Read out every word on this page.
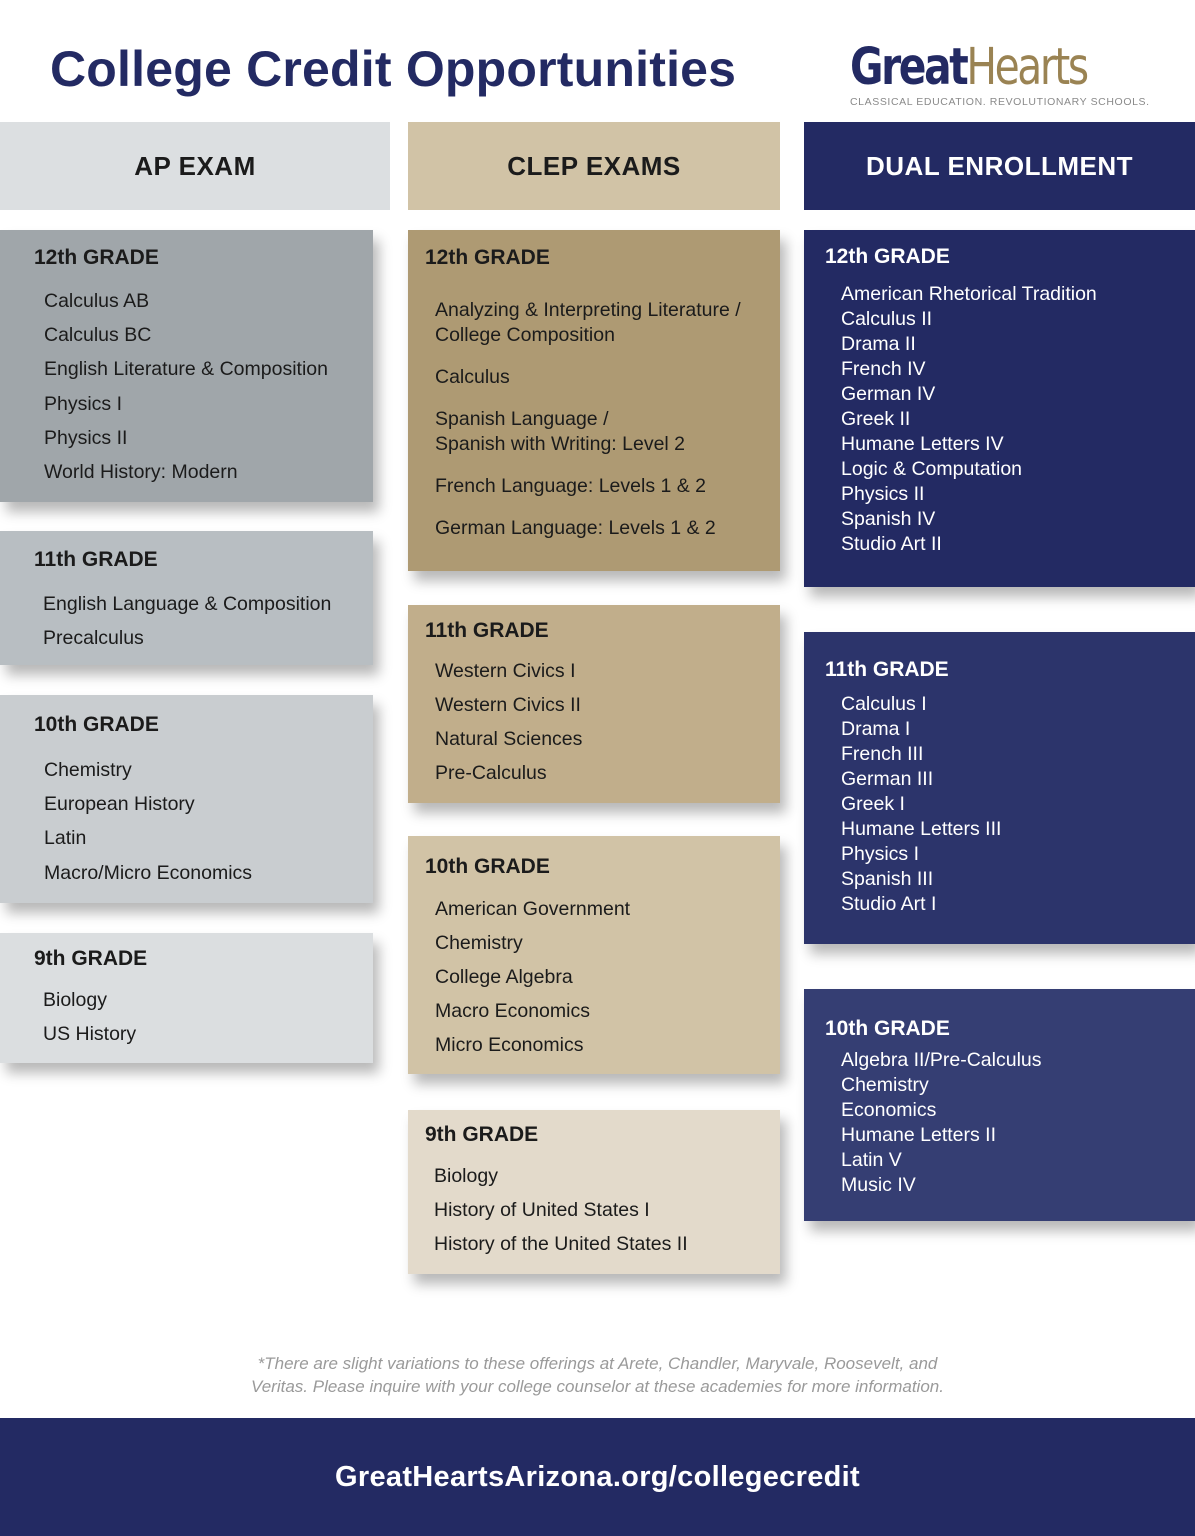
College Credit Opportunities GreatHearts
CLASSICAL EDUCATION. REVOLUTIONARY SCHOOLS.
AP EXAM	CLEP EXAMS	DUAL ENROLLMENT
12th GRADE
Calculus AB
Calculus BC
English Literature & Composition
Physics I
Physics II
World History: Modern
11th GRADE
English Language & Composition
Precalculus
10th GRADE
Chemistry
European History
Latin
Macro/Micro Economics
9th GRADE
Biology
US History
12th GRADE
Analyzing & Interpreting Literature /
College Composition
Calculus
Spanish Language /
Spanish with Writing: Level 2
French Language: Levels 1 & 2
German Language: Levels 1 & 2
11th GRADE
Western Civics I
Western Civics II
Natural Sciences
Pre-Calculus
10th GRADE
American Government
Chemistry
College Algebra
Macro Economics
Micro Economics
9th GRADE
Biology
History of United States I
History of the United States II
12th GRADE
American Rhetorical Tradition
Calculus II
Drama II
French IV
German IV
Greek II
Humane Letters IV
Logic & Computation
Physics II
Spanish IV
Studio Art II
11th GRADE
Calculus I
Drama I
French III
German III
Greek I
Humane Letters III
Physics I
Spanish III
Studio Art I
10th GRADE
Algebra II/Pre-Calculus
Chemistry
Economics
Humane Letters II
Latin V
Music IV
*There are slight variations to these offerings at Arete, Chandler, Maryvale, Roosevelt, and
Veritas. Please inquire with your college counselor at these academies for more information.
GreatHeartsArizona.org/collegecredit
